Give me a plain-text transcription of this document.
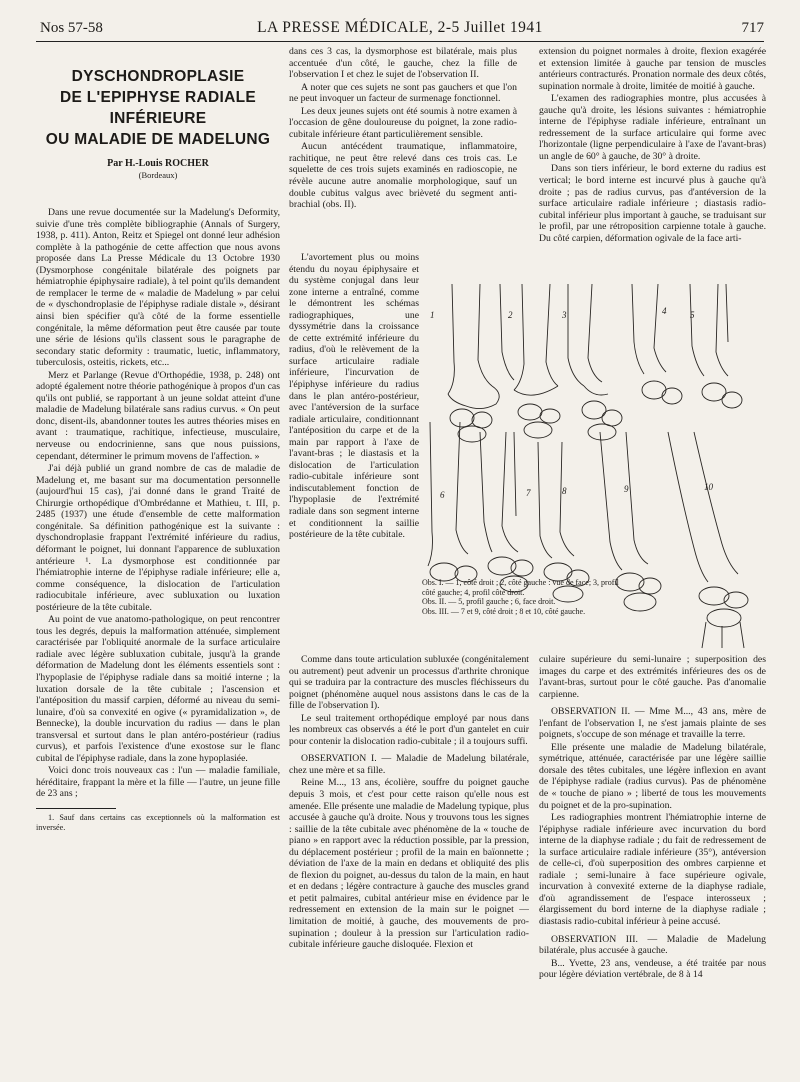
Nos 57-58	LA PRESSE MÉDICALE, 2-5 Juillet 1941	717
DYSCHONDROPLASIE
DE L'EPIPHYSE RADIALE
INFÉRIEURE
OU MALADIE DE MADELUNG
Par H.-Louis ROCHER
(Bordeaux)

Dans une revue documentée sur la Madelung's Deformity, suivie d'une très complète bibliographie (Annals of Surgery, 1938, p. 411). Anton, Reitz et Spiegel ont donné leur adhésion complète à la pathogénie de cette affection que nous avons proposée dans La Presse Médicale du 13 Octobre 1930 (Dysmorphose congénitale bilatérale des poignets par hémiatrophie épiphysaire radiale), à tel point qu'ils demandent de remplacer le terme de « maladie de Madelung » par celui de « dyschondroplasie de l'épiphyse radiale distale », désirant ainsi bien spécifier qu'à côté de la forme essentielle congénitale, la même déformation peut être causée par toute une série de lésions qu'ils classent sous le paragraphe de secondary static deformity : traumatic, luetic, inflammatory, tuberculosis, osteitis, rickets, etc...

Merz et Parlange (Revue d'Orthopédie, 1938, p. 248) ont adopté également notre théorie pathogénique à propos d'un cas qu'ils ont publié, se rapportant à un jeune soldat atteint d'une maladie de Madelung bilatérale sans radius curvus. « On peut donc, disent-ils, abandonner toutes les autres théories mises en avant : traumatique, rachitique, infectieuse, musculaire, nerveuse ou endocrinienne, sans que nous puissions, cependant, déterminer le primum movens de l'affection. »

J'ai déjà publié un grand nombre de cas de maladie de Madelung et, me basant sur ma documentation personnelle (aujourd'hui 15 cas), j'ai donné dans le grand Traité de Chirurgie orthopédique d'Ombrédanne et Mathieu, t. III, p. 2485 (1937) une étude d'ensemble de cette malformation congénitale. Sa définition pathogénique est la suivante : dyschondroplasie frappant l'extrémité inférieure du radius, déformant le poignet, lui donnant l'apparence de subluxation antérieure ¹. La dysmorphose est conditionnée par l'hémiatrophie interne de l'épiphyse radiale inférieure; elle a, comme conséquence, la dislocation de l'articulation radiocubitale inférieure, avec subluxation ou luxation postérieure de la tête cubitale.

Au point de vue anatomo-pathologique, on peut rencontrer tous les degrés, depuis la malformation atténuée, simplement caractérisée par l'obliquité anormale de la surface articulaire radiale avec légère subluxation cubitale, jusqu'à la grande déformation de Madelung dont les éléments essentiels sont : l'hypoplasie de l'épiphyse radiale dans sa moitié interne ; la luxation dorsale de la tête cubitale ; l'ascension et l'antéposition du massif carpien, déformé au niveau du semi-lunaire, d'où sa convexité en ogive (« pyramidalization », de Bennecke), la double incurvation du radius — dans le plan transversal et surtout dans le plan antéro-postérieur (radius curvus), et parfois l'existence d'une exostose sur le flanc cubital de l'épiphyse radiale, dans la zone hypoplasiée.

Voici donc trois nouveaux cas : l'un — maladie familiale, héréditaire, frappant la mère et la fille — l'autre, un jeune fille de 23 ans ;

1. Sauf dans certains cas exceptionnels où la malformation est inversée.

dans ces 3 cas, la dysmorphose est bilatérale, mais plus accentuée d'un côté, le gauche, chez la fille de l'observation I et chez le sujet de l'observation II.

A noter que ces sujets ne sont pas gauchers et que l'on ne peut invoquer un facteur de surmenage fonctionnel.

Les deux jeunes sujets ont été soumis à notre examen à l'occasion de gêne douloureuse du poignet, la zone radio-cubitale inférieure étant particulièrement sensible.

Aucun antécédent traumatique, inflammatoire, rachitique, ne peut être relevé dans ces trois cas. Le squelette de ces trois sujets examinés en radioscopie, ne révèle aucune autre anomalie morphologique, sauf un double cubitus valgus avec brièveté du segment anti-brachial (obs. II).

L'avortement plus ou moins étendu du noyau épiphysaire et du système conjugal dans leur zone interne a entraîné, comme le démontrent les schémas radiographiques, une dyssymétrie dans la croissance de cette extrémité inférieure du radius, d'où le relèvement de la surface articulaire radiale inférieure, l'incurvation de l'épiphyse inférieure du radius dans le plan antéro-postérieur, avec l'antéversion de la surface radiale articulaire, conditionnant l'antéposition du carpe et de la main par rapport à l'axe de l'avant-bras ; le diastasis et la dislocation de l'articulation radio-cubitale inférieure sont indiscutablement fonction de l'hypoplasie de l'extrémité radiale dans son segment interne et conditionnent la saillie postérieure de la tête cubitale.

extension du poignet normales à droite, flexion exagérée et extension limitée à gauche par tension de muscles antérieurs contracturés. Pronation normale des deux côtés, supination normale à droite, limitée de moitié à gauche.

L'examen des radiographies montre, plus accusées à gauche qu'à droite, les lésions suivantes : hémiatrophie interne de l'épiphyse radiale inférieure, entraînant un redressement de la surface articulaire qui forme avec l'horizontale (ligne perpendiculaire à l'axe de l'avant-bras) un angle de 60° à gauche, de 30° à droite.

Dans son tiers inférieur, le bord externe du radius est vertical; le bord interne est incurvé plus à gauche qu'à droite ; pas de radius curvus, pas d'antéversion de la surface articulaire radiale inférieure ; diastasis radio-cubital inférieur plus important à gauche, se traduisant sur le profil, par une rétroposition carpienne totale à gauche. Du côté carpien, déformation ogivale de la face arti-

1	2	3	4	5
6	7	8	9	10

Obs. I. — 1, côté droit ; 2, côté gauche : vue de face; 3, profil côté gauche; 4, profil côté droit.

Obs. II. — 5, profil gauche ; 6, face droit.

Obs. III. — 7 et 9, côté droit ; 8 et 10, côté gauche.

Comme dans toute articulation subluxée (congénitalement ou autrement) peut advenir un processus d'arthrite chronique qui se traduira par la contracture des muscles fléchisseurs du poignet (phénomène auquel nous assistons dans le cas de la fille de l'observation I).

Le seul traitement orthopédique employé par nous dans les nombreux cas observés a été le port d'un gantelet en cuir pour contenir la dislocation radio-cubitale ; il a toujours suffi.

OBSERVATION I. — Maladie de Madelung bilatérale, chez une mère et sa fille.

Reine M..., 13 ans, écolière, souffre du poignet gauche depuis 3 mois, et c'est pour cette raison qu'elle nous est amenée. Elle présente une maladie de Madelung typique, plus accusée à gauche qu'à droite. Nous y trouvons tous les signes : saillie de la tête cubitale avec phénomène de la « touche de piano » en rapport avec la réduction possible, par la pression, du déplacement postérieur ; profil de la main en baïonnette ; déviation de l'axe de la main en dedans et obliquité des plis de flexion du poignet, au-dessus du talon de la main, en haut et en dedans ; légère contracture à gauche des muscles grand et petit palmaires, cubital antérieur mise en évidence par le redressement en extension de la main sur le poignet — limitation de moitié, à gauche, des mouvements de pro-supination ; douleur à la pression sur l'articulation radio-cubitale inférieure gauche disloquée. Flexion et

culaire supérieure du semi-lunaire ; superposition des images du carpe et des extrémités inférieures des os de l'avant-bras, surtout pour le côté gauche. Pas d'anomalie carpienne.

OBSERVATION II. — Mme M..., 43 ans, mère de l'enfant de l'observation I, ne s'est jamais plainte de ses poignets, s'occupe de son ménage et travaille la terre.

Elle présente une maladie de Madelung bilatérale, symétrique, atténuée, caractérisée par une légère saillie dorsale des têtes cubitales, une légère inflexion en avant de l'épiphyse radiale (radius curvus). Pas de phénomène de « touche de piano » ; liberté de tous les mouvements du poignet et de la pro-supination.

Les radiographies montrent l'hémiatrophie interne de l'épiphyse radiale inférieure avec incurvation du bord interne de la diaphyse radiale ; du fait de redressement de la surface articulaire radiale inférieure (35°), antéversion de celle-ci, d'où superposition des ombres carpienne et radiale ; semi-lunaire à face supérieure ogivale, incurvation à convexité externe de la diaphyse radiale, d'où agrandissement de l'espace interosseux ; élargissement du bord interne de la diaphyse radiale ; diastasis radio-cubital inférieur à peine accusé.

OBSERVATION III. — Maladie de Madelung bilatérale, plus accusée à gauche.

B... Yvette, 23 ans, vendeuse, a été traitée par nous pour légère déviation vertébrale, de 8 à 14
